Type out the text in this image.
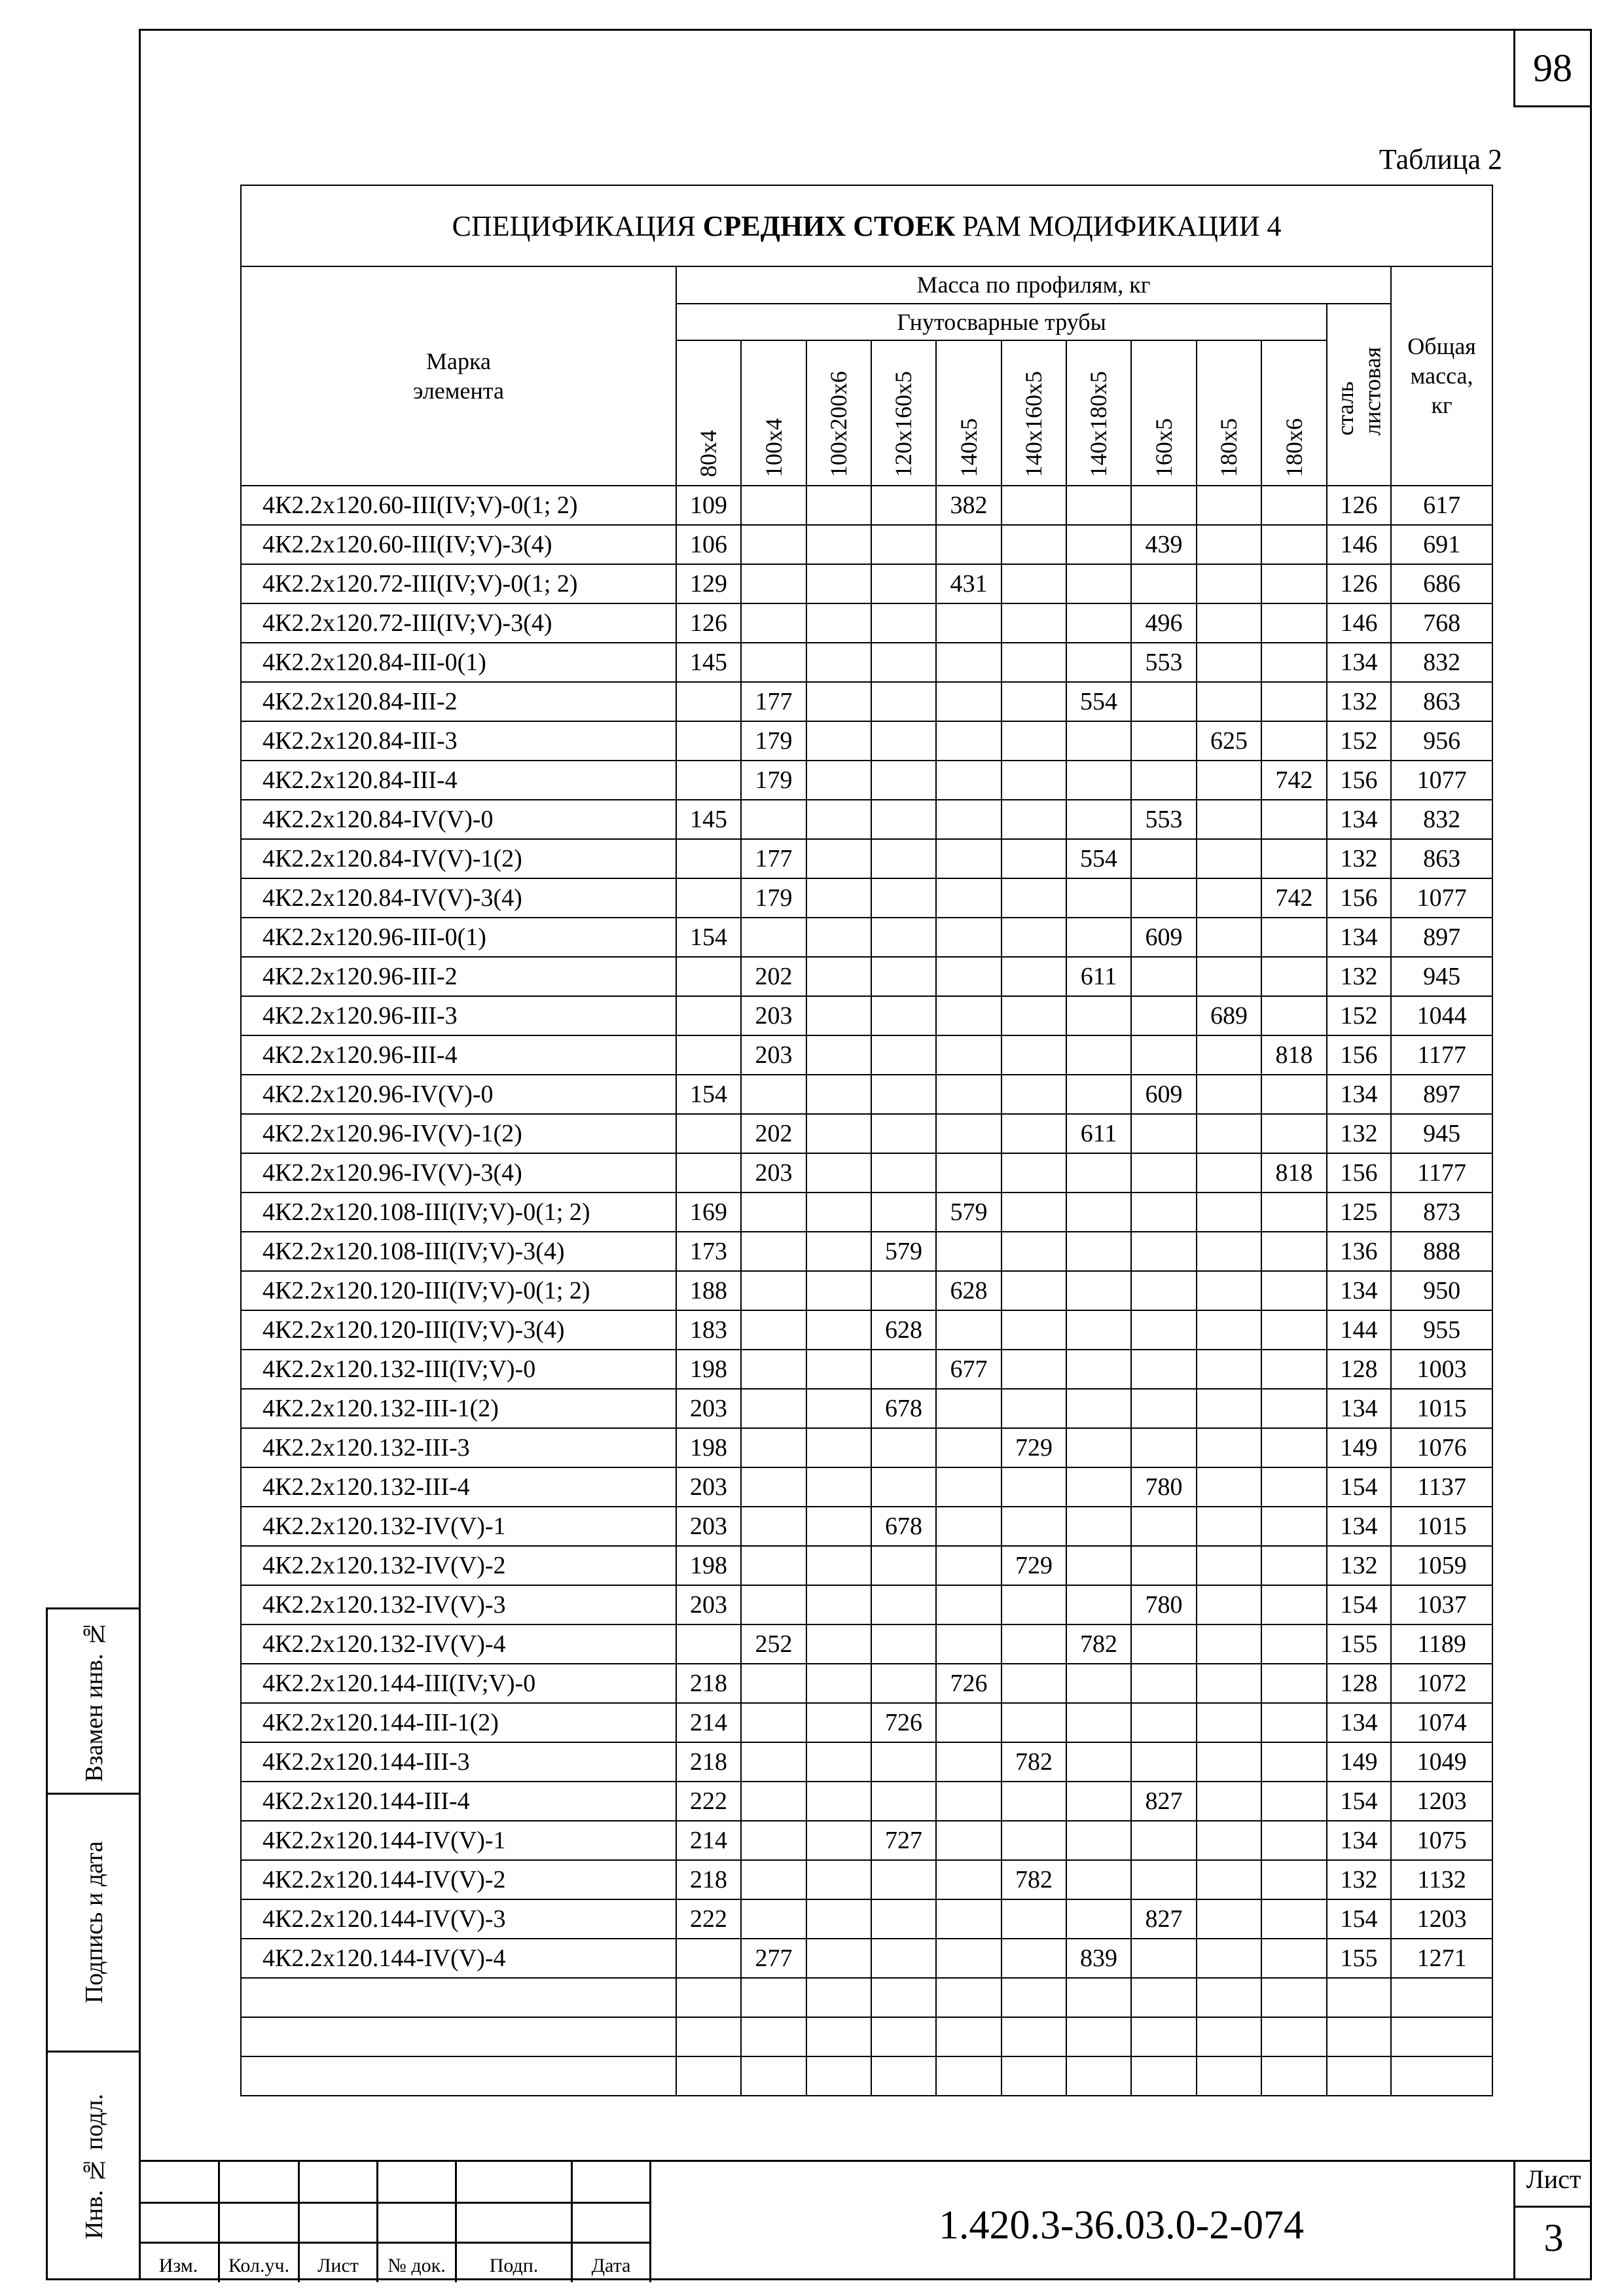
98
Таблица 2
СПЕЦИФИКАЦИЯ СРЕДНИХ СТОЕК РАМ МОДИФИКАЦИИ 4												
Марка
элемента	Масса по профилям, кг											Общая
масса,
кг
	Гнутосварные трубы										сталь
листовая	
	80х4	100х4	100х200х6	120х160х5	140х5	140х160х5	140х180х5	160х5	180х5	180х6		
4К2.2х120.60-III(IV;V)-0(1; 2)	109				382						126	617
4К2.2х120.60-III(IV;V)-3(4)	106							439			146	691
4К2.2х120.72-III(IV;V)-0(1; 2)	129				431						126	686
4К2.2х120.72-III(IV;V)-3(4)	126							496			146	768
4К2.2х120.84-III-0(1)	145							553			134	832
4К2.2х120.84-III-2		177					554				132	863
4К2.2х120.84-III-3		179							625		152	956
4К2.2х120.84-III-4		179								742	156	1077
4К2.2х120.84-IV(V)-0	145							553			134	832
4К2.2х120.84-IV(V)-1(2)		177					554				132	863
4К2.2х120.84-IV(V)-3(4)		179								742	156	1077
4К2.2х120.96-III-0(1)	154							609			134	897
4К2.2х120.96-III-2		202					611				132	945
4К2.2х120.96-III-3		203							689		152	1044
4К2.2х120.96-III-4		203								818	156	1177
4К2.2х120.96-IV(V)-0	154							609			134	897
4К2.2х120.96-IV(V)-1(2)		202					611				132	945
4К2.2х120.96-IV(V)-3(4)		203								818	156	1177
4К2.2х120.108-III(IV;V)-0(1; 2)	169				579						125	873
4К2.2х120.108-III(IV;V)-3(4)	173			579							136	888
4К2.2х120.120-III(IV;V)-0(1; 2)	188				628						134	950
4К2.2х120.120-III(IV;V)-3(4)	183			628							144	955
4К2.2х120.132-III(IV;V)-0	198				677						128	1003
4К2.2х120.132-III-1(2)	203			678							134	1015
4К2.2х120.132-III-3	198					729					149	1076
4К2.2х120.132-III-4	203							780			154	1137
4К2.2х120.132-IV(V)-1	203			678							134	1015
4К2.2х120.132-IV(V)-2	198					729					132	1059
4К2.2х120.132-IV(V)-3	203							780			154	1037
4К2.2х120.132-IV(V)-4		252					782				155	1189
4К2.2х120.144-III(IV;V)-0	218				726						128	1072
4К2.2х120.144-III-1(2)	214			726							134	1074
4К2.2х120.144-III-3	218					782					149	1049
4К2.2х120.144-III-4	222							827			154	1203
4К2.2х120.144-IV(V)-1	214			727							134	1075
4К2.2х120.144-IV(V)-2	218					782					132	1132
4К2.2х120.144-IV(V)-3	222							827			154	1203
4К2.2х120.144-IV(V)-4		277					839				155	1271

Взамен инв. №
Подпись и дата
Инв. № подл.
Изм.	Кол.уч.	Лист	№ док.	Подп.	Дата
1.420.3-36.03.0-2-074
Лист
3
